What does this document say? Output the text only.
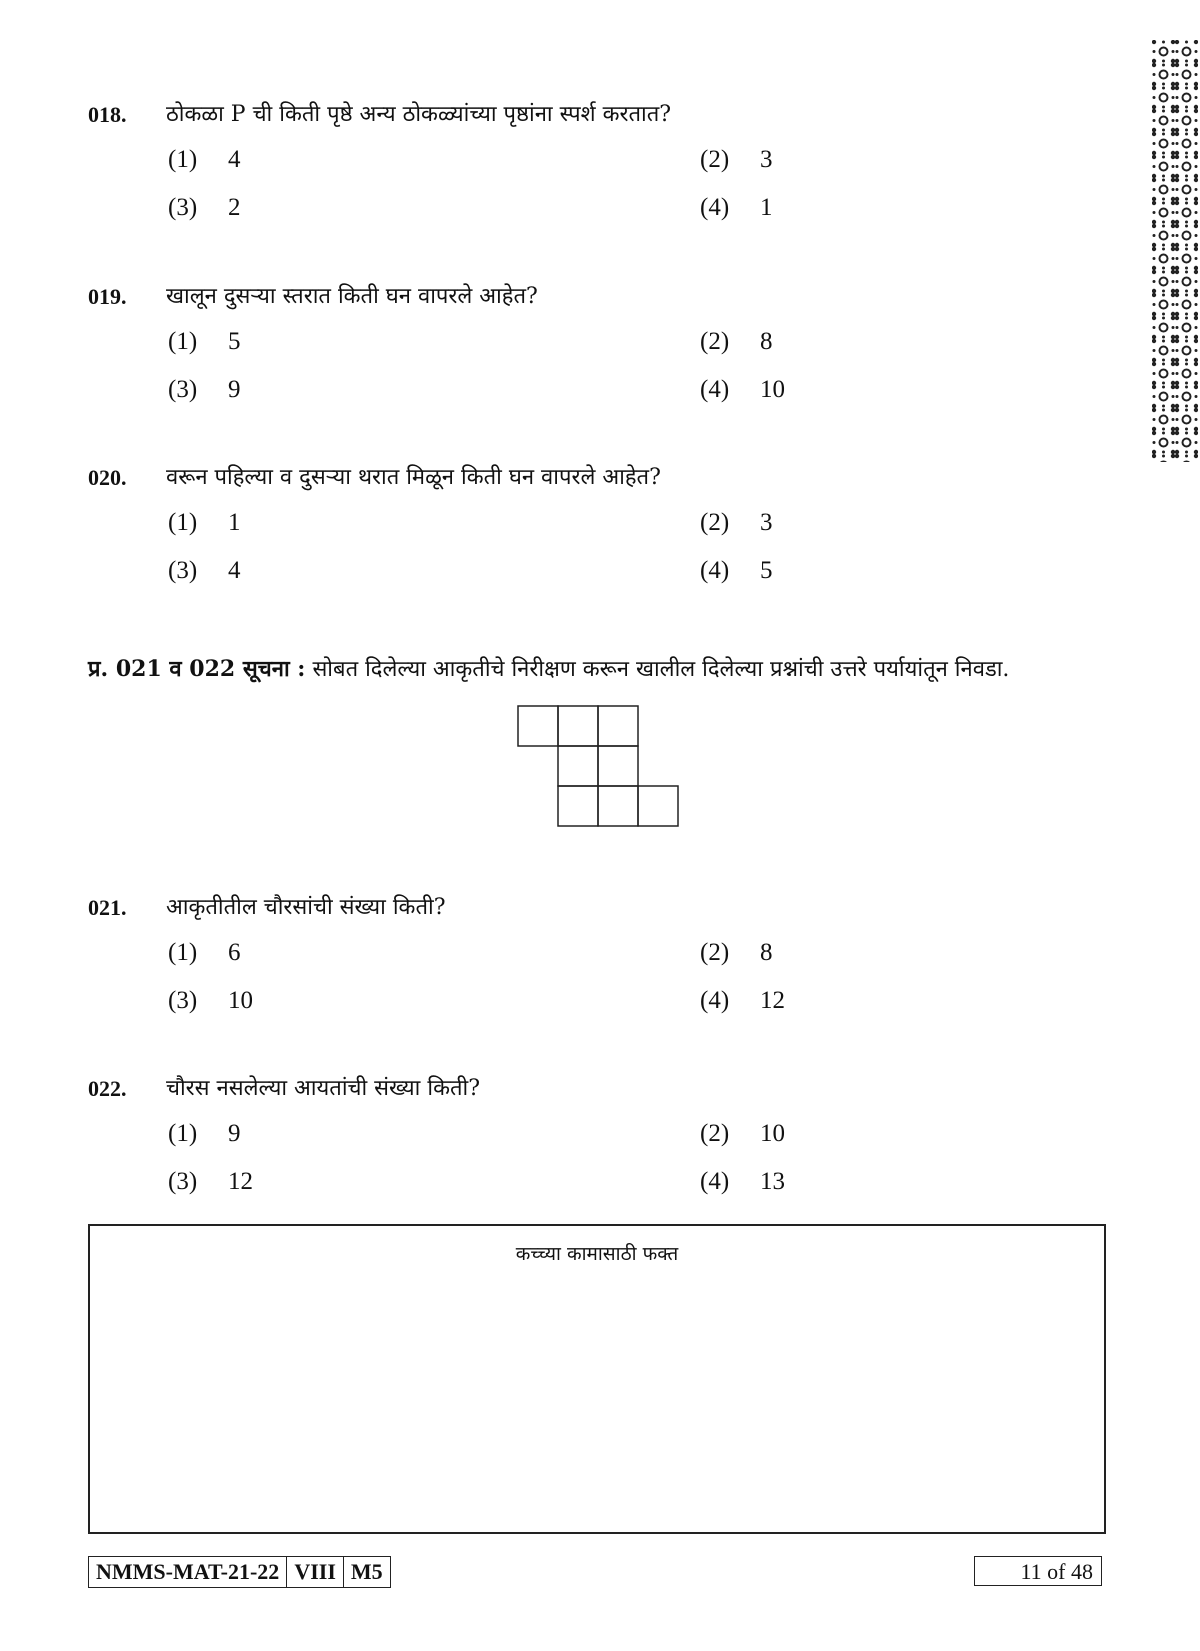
018.	ठोकळा P ची किती पृष्ठे अन्य ठोकळ्यांच्या पृष्ठांना स्पर्श करतात?
(1)	4	(2)	3
(3)	2	(4)	1
019.	खालून दुसऱ्या स्तरात किती घन वापरले आहेत?
(1)	5	(2)	8
(3)	9	(4)	10
020.	वरून पहिल्या व दुसऱ्या थरात मिळून किती घन वापरले आहेत?
(1)	1	(2)	3
(3)	4	(4)	5
प्र. 021 व 022 सूचना : सोबत दिलेल्या आकृतीचे निरीक्षण करून खालील दिलेल्या प्रश्नांची उत्तरे पर्यायांतून निवडा.
021.	आकृतीतील चौरसांची संख्या किती?
(1)	6	(2)	8
(3)	10	(4)	12
022.	चौरस नसलेल्या आयतांची संख्या किती?
(1)	9	(2)	10
(3)	12	(4)	13
कच्च्या कामासाठी फक्त
NMMS-MAT-21-22 VIII M5	11 of 48
